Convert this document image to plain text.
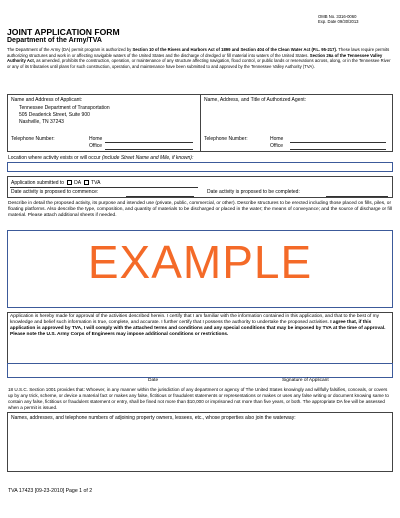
OMB No. 3316-0060
Exp. Date 09/30/2013
JOINT APPLICATION FORM
Department of the Army/TVA
The Department of the Army (DA) permit program is authorized by Section 10 of the Rivers and Harbors Act of 1899 and Section 404 of the Clean Water Act (P.L. 95-217). These laws require permits authorizing structures and work in or affecting navigable waters of the United States and the discharge of dredged or fill material into waters of the United States. Section 26a of the Tennessee Valley Authority Act, as amended, prohibits the construction, operation, or maintenance of any structure affecting navigation, flood control, or public lands or reservations across, along, or in the Tennessee River or any of its tributaries until plans for such construction, operation, and maintenance have been submitted to and approved by the Tennessee Valley Authority (TVA).
Name and Address of Applicant:
Tennessee Department of Transportation
505 Deaderick Street, Suite 900
Nashville, TN 37243
Telephone Number:	Home
Office
Name, Address, and Title of Authorized Agent:
Telephone Number:	Home
Office
Location where activity exists or will occur (include Street Name and Mile, if known):
Application submitted to DA TVA
Date activity is proposed to commence:	Date activity is proposed to be completed:
Describe in detail the proposed activity, its purpose and intended use (private, public, commercial, or other). Describe structures to be erected including those placed on fills, piles, or floating platforms. Also describe the type, composition, and quantity of materials to be discharged or placed in the water; the means of conveyance; and the source of discharge or fill material. Please attach additional sheets if needed.
EXAMPLE
Application is hereby made for approval of the activities described herein. I certify that I am familiar with the information contained in this application, and that to the best of my knowledge and belief such information is true, complete, and accurate. I further certify that I possess the authority to undertake the proposed activities. I agree that, if this application is approved by TVA, I will comply with the attached terms and conditions and any special conditions that may be imposed by TVA at the time of approval. Please note the U.S. Army Corps of Engineers may impose additional conditions or restrictions.
Date	Signature of Applicant
18 U.S.C. Section 1001 provides that: Whoever, in any manner within the jurisdiction of any department or agency of The United States knowingly and willfully falsifies, conceals, or covers up by any trick, scheme, or device a material fact or makes any false, fictitious or fraudulent statements or representations or makes or uses any false writing or document knowing same to contain any false, fictitious or fraudulent statement or entry, shall be fined not more than $10,000 or imprisoned not more than five years, or both. The appropriate DA fee will be assessed when a permit is issued.
Names, addresses, and telephone numbers of adjoining property owners, lessees, etc., whose properties also join the waterway:
TVA 17423 [09-23-2010] Page 1 of 2
